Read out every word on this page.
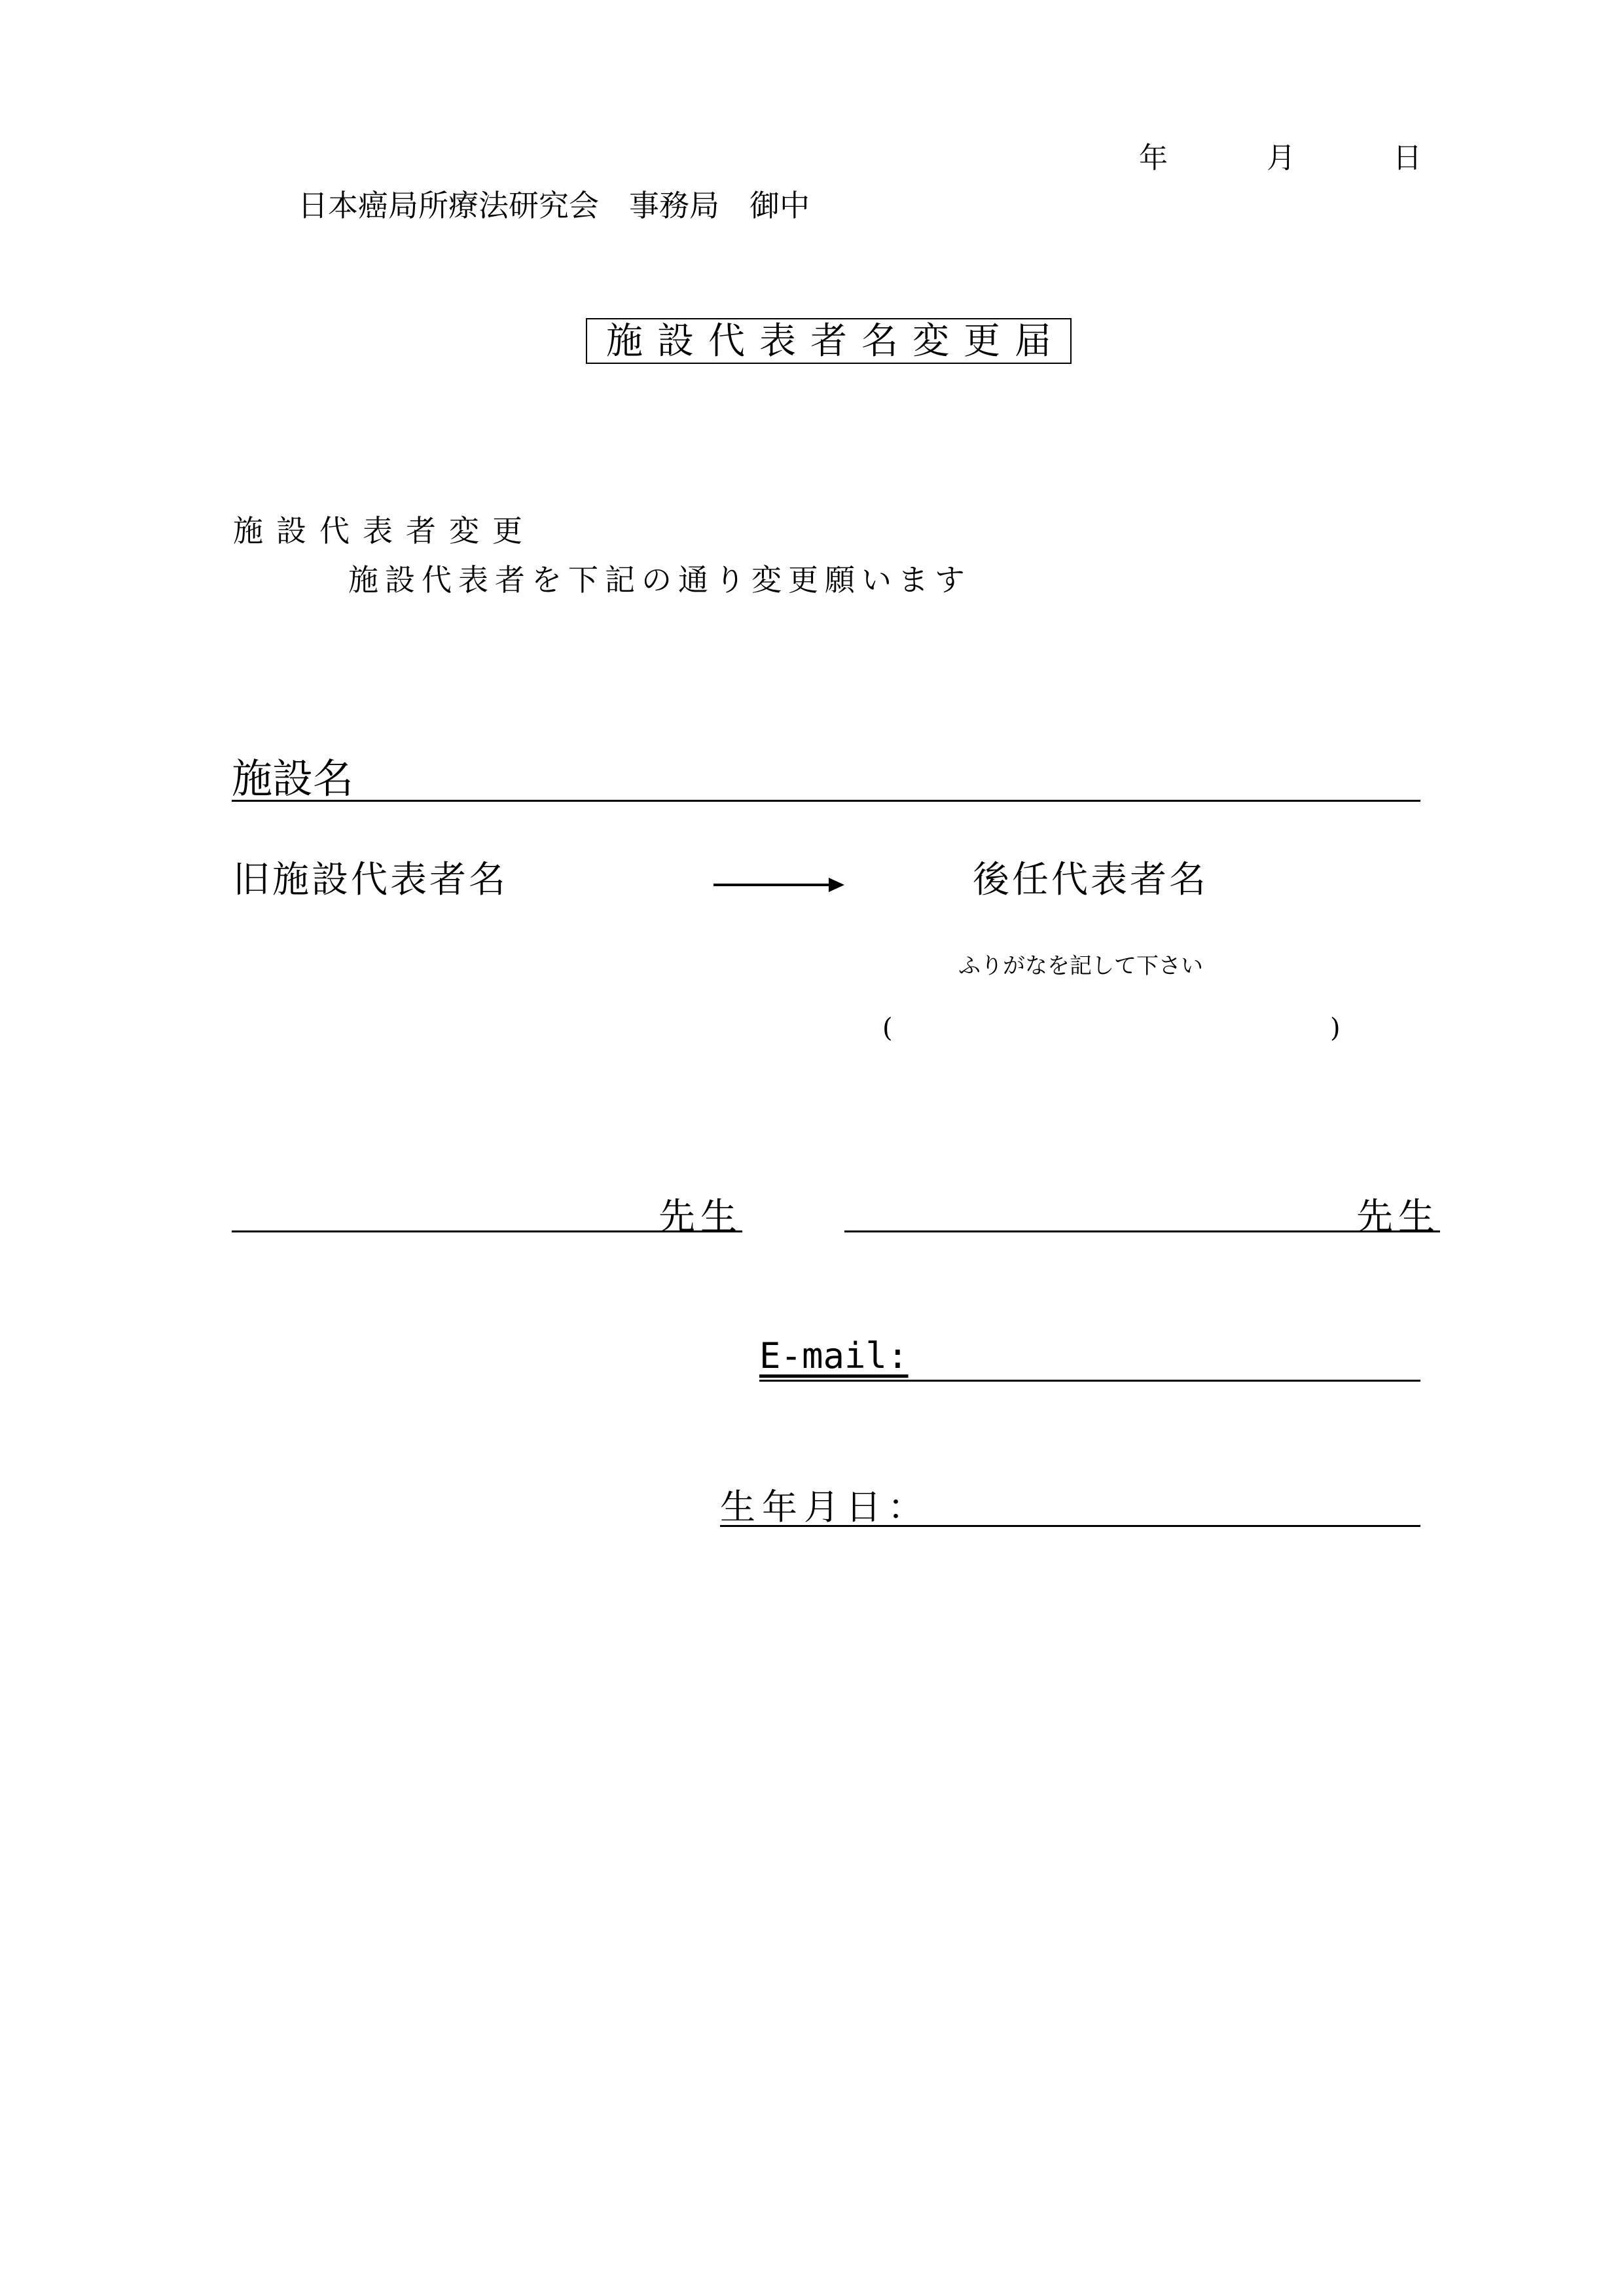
年	月	日
日本癌局所療法研究会　事務局　御中
施設代表者名変更届
施設代表者変更
施設代表者を下記の通り変更願います
施設名
旧施設代表者名	後任代表者名
ふりがなを記して下さい
(	)
先生	先生
E-mail:
生年月日：
